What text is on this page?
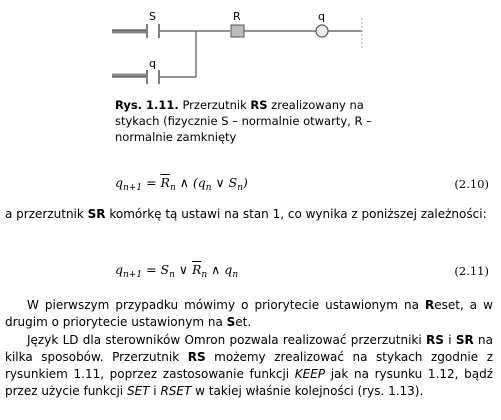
S	R	q
q
Rys. 1.11. Przerzutnik RS zrealizowany na stykach (fizycznie S – normalnie otwarty, R – normalnie zamknięty
$q_{n+1} = \overline{R}_n$ ∧ ($q_n$ ∨ $S_n$)	(2.10)
a przerzutnik SR komórkę tą ustawi na stan 1, co wynika z poniższej zależności:
$q_{n+1} = S_n$ ∨ $\overline{R}_n$ ∧ $q_n$	(2.11)
W pierwszym przypadku mówimy o priorytecie ustawionym na Reset, a w drugim o priorytecie ustawionym na Set.
Język LD dla sterowników Omron pozwala realizować przerzutniki RS i SR na kilka sposobów. Przerzutnik RS możemy zrealizować na stykach zgodnie z rysunkiem 1.11, poprzez zastosowanie funkcji KEEP jak na rysunku 1.12, bądź przez użycie funkcji SET i RSET w takiej właśnie kolejności (rys. 1.13).
